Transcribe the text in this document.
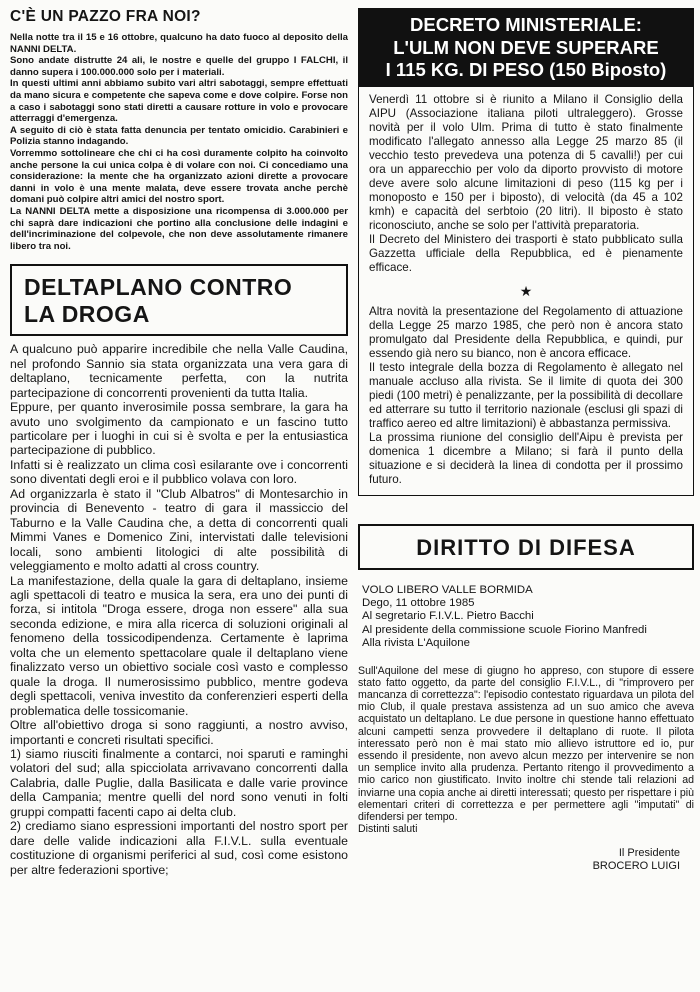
C'È UN PAZZO FRA NOI?

Nella notte tra il 15 e 16 ottobre, qualcuno ha dato fuoco al deposito della NANNI DELTA.

Sono andate distrutte 24 ali, le nostre e quelle del gruppo I FALCHI, il danno supera i 100.000.000 solo per i materiali.

In questi ultimi anni abbiamo subito vari altri sabotaggi, sempre effettuati da mano sicura e competente che sapeva come e dove colpire. Forse non a caso i sabotaggi sono stati diretti a causare rotture in volo e provocare atterraggi d'emergenza.

A seguito di ciò è stata fatta denuncia per tentato omicidio. Carabinieri e Polizia stanno indagando.

Vorremmo sottolineare che chi ci ha così duramente colpito ha coinvolto anche persone la cui unica colpa è di volare con noi. Ci concediamo una considerazione: la mente che ha organizzato azioni dirette a provocare danni in volo è una mente malata, deve essere trovata anche perchè domani può colpire altri amici del nostro sport.

La NANNI DELTA mette a disposizione una ricompensa di 3.000.000 per chi saprà dare indicazioni che portino alla conclusione delle indagini e dell'incriminazione del colpevole, che non deve assolutamente rimanere libero tra noi.

DELTAPLANO CONTRO
LA DROGA

A qualcuno può apparire incredibile che nella Valle Caudina, nel profondo Sannio sia stata organizzata una vera gara di deltaplano, tecnicamente perfetta, con la nutrita partecipazione di concorrenti provenienti da tutta Italia.

Eppure, per quanto inverosimile possa sembrare, la gara ha avuto uno svolgimento da campionato e un fascino tutto particolare per i luoghi in cui si è svolta e per la entusiastica partecipazione di pubblico.

Infatti si è realizzato un clima così esilarante ove i concorrenti sono diventati degli eroi e il pubblico volava con loro.

Ad organizzarla è stato il "Club Albatros" di Montesarchio in provincia di Benevento - teatro di gara il massiccio del Taburno e la Valle Caudina che, a detta di concorrenti quali Mimmi Vanes e Domenico Zini, intervistati dalle televisioni locali, sono ambienti litologici di alte possibilità di veleggiamento e molto adatti al cross country.

La manifestazione, della quale la gara di deltaplano, insieme agli spettacoli di teatro e musica la sera, era uno dei punti di forza, si intitola "Droga essere, droga non essere" alla sua seconda edizione, e mira alla ricerca di soluzioni originali al fenomeno della tossicodipendenza. Certamente è laprima volta che un elemento spettacolare quale il deltaplano viene finalizzato verso un obiettivo sociale così vasto e complesso quale la droga. Il numerosissimo pubblico, mentre godeva degli spettacoli, veniva investito da conferenzieri esperti della problematica delle tossicomanie.

Oltre all'obiettivo droga si sono raggiunti, a nostro avviso, importanti e concreti risultati specifici.

1) siamo riusciti finalmente a contarci, noi sparuti e raminghi volatori del sud; alla spicciolata arrivavano concorrenti dalla Calabria, dalle Puglie, dalla Basilicata e dalle varie province della Campania; mentre quelli del nord sono venuti in folti gruppi compatti facenti capo ai delta club.

2) crediamo siano espressioni importanti del nostro sport per dare delle valide indicazioni alla F.I.V.L. sulla eventuale costituzione di organismi periferici al sud, così come esistono per altre federazioni sportive;

DECRETO MINISTERIALE:
L'ULM NON DEVE SUPERARE
I 115 KG. DI PESO (150 Biposto)

Venerdì 11 ottobre si è riunito a Milano il Consiglio della AIPU (Associazione italiana piloti ultraleggero). Grosse novità per il volo Ulm. Prima di tutto è stato finalmente modificato l'allegato annesso alla Legge 25 marzo 85 (il vecchio testo prevedeva una potenza di 5 cavalli!) per cui ora un apparecchio per volo da diporto provvisto di motore deve avere solo alcune limitazioni di peso (115 kg per i monoposto e 150 per i biposto), di velocità (da 45 a 102 kmh) e capacità del serbtoio (20 litri). Il biposto è stato riconosciuto, anche se solo per l'attività preparatoria.

Il Decreto del Ministero dei trasporti è stato pubblicato sulla Gazzetta ufficiale della Repubblica, ed è pienamente efficace.

★

Altra novità la presentazione del Regolamento di attuazione della Legge 25 marzo 1985, che però non è ancora stato promulgato dal Presidente della Repubblica, e quindi, pur essendo già nero su bianco, non è ancora efficace.

Il testo integrale della bozza di Regolamento è allegato nel manuale accluso alla rivista. Se il limite di quota dei 300 piedi (100 metri) è penalizzante, per la possibilità di decollare ed atterrare su tutto il territorio nazionale (esclusi gli spazi di traffico aereo ed altre limitazioni) è abbastanza permissiva.

La prossima riunione del consiglio dell'Aipu è prevista per domenica 1 dicembre a Milano; si farà il punto della situazione e si deciderà la linea di condotta per il prossimo futuro.

DIRITTO DI DIFESA
VOLO LIBERO VALLE BORMIDA
Dego, 11 ottobre 1985
Al segretario F.I.V.L. Pietro Bacchi
Al presidente della commissione scuole Fiorino Manfredi
Alla rivista L'Aquilone

Sull'Aquilone del mese di giugno ho appreso, con stupore di essere stato fatto oggetto, da parte del consiglio F.I.V.L., di "rimprovero per mancanza di correttezza": l'episodio contestato riguardava un pilota del mio Club, il quale prestava assistenza ad un suo amico che aveva acquistato un deltaplano. Le due persone in questione hanno effettuato alcuni campetti senza provvedere il deltaplano di ruote. Il pilota interessato però non è mai stato mio allievo istruttore ed io, pur essendo il presidente, non avevo alcun mezzo per intervenire se non un semplice invito alla prudenza. Pertanto ritengo il provvedimento a mio carico non giustificato. Invito inoltre chi stende tali relazioni ad inviarne una copia anche ai diretti interessati; questo per rispettare i più elementari criteri di correttezza e per permettere agli "imputati" di difendersi per tempo.

Distinti saluti

Il Presidente
BROCERO LUIGI
